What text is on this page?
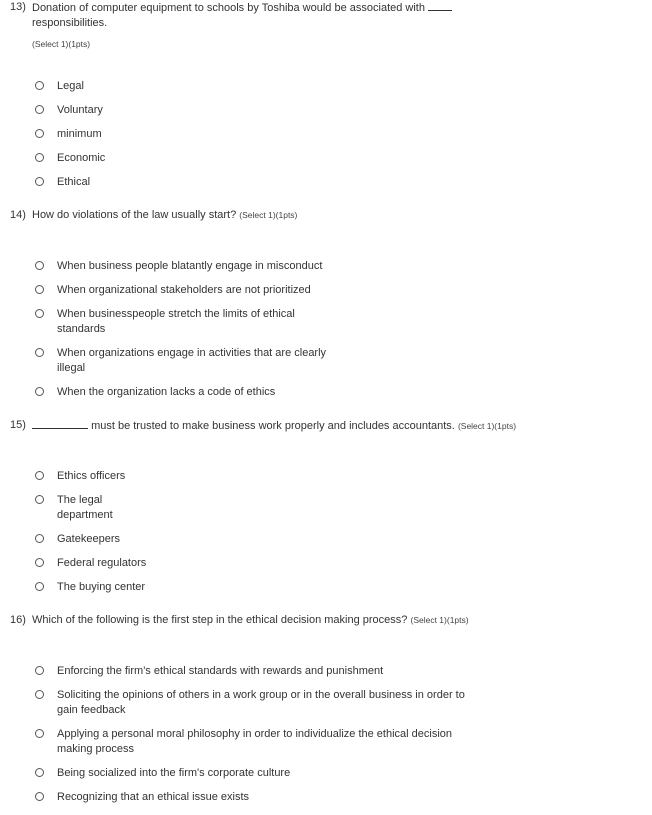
13) Donation of computer equipment to schools by Toshiba would be associated with
responsibilities.
$_{(Select 1)(1pts)}$
Legal
Voluntary
minimum
Economic
Ethical
14) How do violations of the law usually start? (Select 1)(1pts)
When business people blatantly engage in misconduct
When organizational stakeholders are not prioritized
When businesspeople stretch the limits of ethical
standards
When organizations engage in activities that are clearly
illegal
When the organization lacks a code of ethics
15)	must be trusted to make business work properly and includes accountants. (Select 1)(1pts)
Ethics officers
The legal
department
Gatekeepers
Federal regulators
The buying center
16) Which of the following is the first step in the ethical decision making process? (Select 1)(1pts)
Enforcing the firm's ethical standards with rewards and punishment
Soliciting the opinions of others in a work group or in the overall business in order to
gain feedback
Applying a personal moral philosophy in order to individualize the ethical decision
making process
Being socialized into the firm's corporate culture
Recognizing that an ethical issue exists
